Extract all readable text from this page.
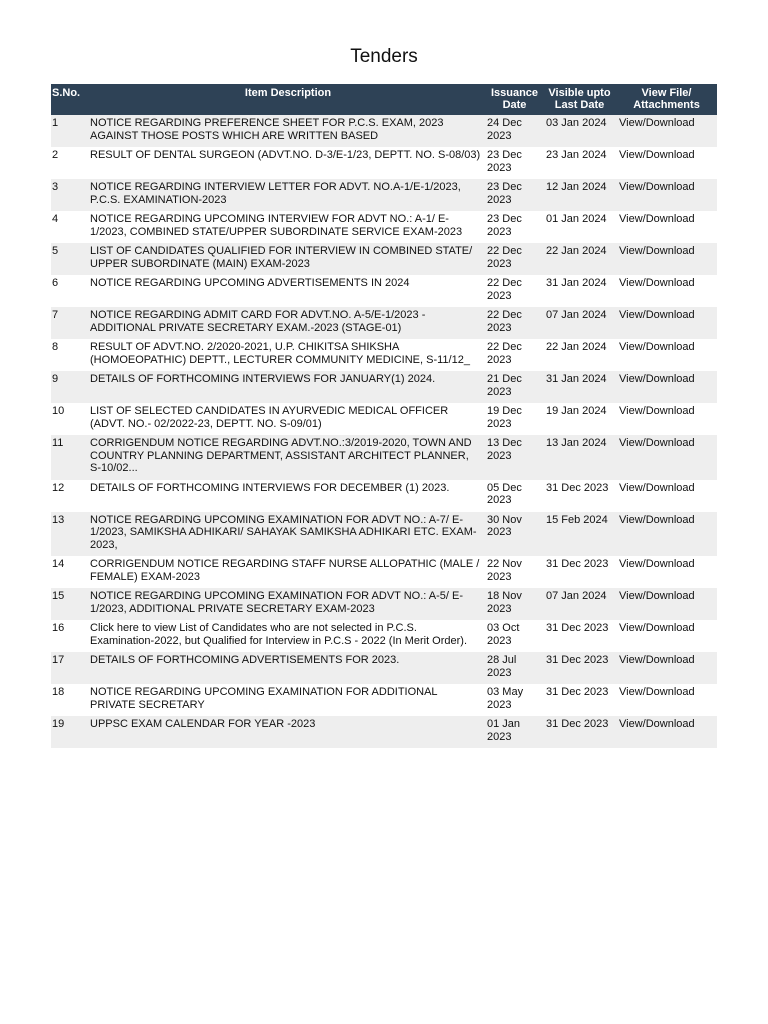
Tenders
S.No.	Item Description	Issuance Date	Visible upto Last Date	View File/ Attachments
1	NOTICE REGARDING PREFERENCE SHEET FOR P.C.S. EXAM, 2023 AGAINST THOSE POSTS WHICH ARE WRITTEN BASED	24 Dec 2023	03 Jan 2024	View/Download
2	RESULT OF DENTAL SURGEON (ADVT.NO. D-3/E-1/23, DEPTT. NO. S-08/03)	23 Dec 2023	23 Jan 2024	View/Download
3	NOTICE REGARDING INTERVIEW LETTER FOR ADVT. NO.A-1/E-1/2023, P.C.S. EXAMINATION-2023	23 Dec 2023	12 Jan 2024	View/Download
4	NOTICE REGARDING UPCOMING INTERVIEW FOR ADVT NO.: A-1/ E-1/2023, COMBINED STATE/UPPER SUBORDINATE SERVICE EXAM-2023	23 Dec 2023	01 Jan 2024	View/Download
5	LIST OF CANDIDATES QUALIFIED FOR INTERVIEW IN COMBINED STATE/ UPPER SUBORDINATE (MAIN) EXAM-2023	22 Dec 2023	22 Jan 2024	View/Download
6	NOTICE REGARDING UPCOMING ADVERTISEMENTS IN 2024	22 Dec 2023	31 Jan 2024	View/Download
7	NOTICE REGARDING ADMIT CARD FOR ADVT.NO. A-5/E-1/2023 - ADDITIONAL PRIVATE SECRETARY EXAM.-2023 (STAGE-01)	22 Dec 2023	07 Jan 2024	View/Download
8	RESULT OF ADVT.NO. 2/2020-2021, U.P. CHIKITSA SHIKSHA (HOMOEOPATHIC) DEPTT., LECTURER COMMUNITY MEDICINE, S-11/12_	22 Dec 2023	22 Jan 2024	View/Download
9	DETAILS OF FORTHCOMING INTERVIEWS FOR JANUARY(1) 2024.	21 Dec 2023	31 Jan 2024	View/Download
10	LIST OF SELECTED CANDIDATES IN AYURVEDIC MEDICAL OFFICER (ADVT. NO.- 02/2022-23, DEPTT. NO. S-09/01)	19 Dec 2023	19 Jan 2024	View/Download
11	CORRIGENDUM NOTICE REGARDING ADVT.NO.:3/2019-2020, TOWN AND COUNTRY PLANNING DEPARTMENT, ASSISTANT ARCHITECT PLANNER, S-10/02...	13 Dec 2023	13 Jan 2024	View/Download
12	DETAILS OF FORTHCOMING INTERVIEWS FOR DECEMBER (1) 2023.	05 Dec 2023	31 Dec 2023	View/Download
13	NOTICE REGARDING UPCOMING EXAMINATION FOR ADVT NO.: A-7/ E-1/2023, SAMIKSHA ADHIKARI/ SAHAYAK SAMIKSHA ADHIKARI ETC. EXAM-2023,	30 Nov 2023	15 Feb 2024	View/Download
14	CORRIGENDUM NOTICE REGARDING STAFF NURSE ALLOPATHIC (MALE / FEMALE) EXAM-2023	22 Nov 2023	31 Dec 2023	View/Download
15	NOTICE REGARDING UPCOMING EXAMINATION FOR ADVT NO.: A-5/ E-1/2023, ADDITIONAL PRIVATE SECRETARY EXAM-2023	18 Nov 2023	07 Jan 2024	View/Download
16	Click here to view List of Candidates who are not selected in P.C.S. Examination-2022, but Qualified for Interview in P.C.S - 2022 (In Merit Order).	03 Oct 2023	31 Dec 2023	View/Download
17	DETAILS OF FORTHCOMING ADVERTISEMENTS FOR 2023.	28 Jul 2023	31 Dec 2023	View/Download
18	NOTICE REGARDING UPCOMING EXAMINATION FOR ADDITIONAL PRIVATE SECRETARY	03 May 2023	31 Dec 2023	View/Download
19	UPPSC EXAM CALENDAR FOR YEAR -2023	01 Jan 2023	31 Dec 2023	View/Download
